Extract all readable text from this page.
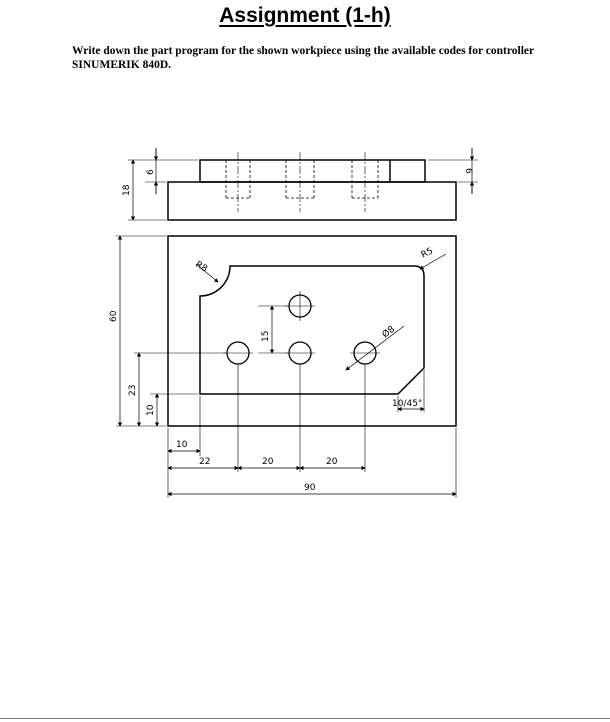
Assignment (1-h)
Write down the part program for the shown workpiece using the available codes for controller SINUMERIK 840D.
18
6	6
60
23
10
10
22	20	20
90
15
R8
R5
Ø8
10/45°
